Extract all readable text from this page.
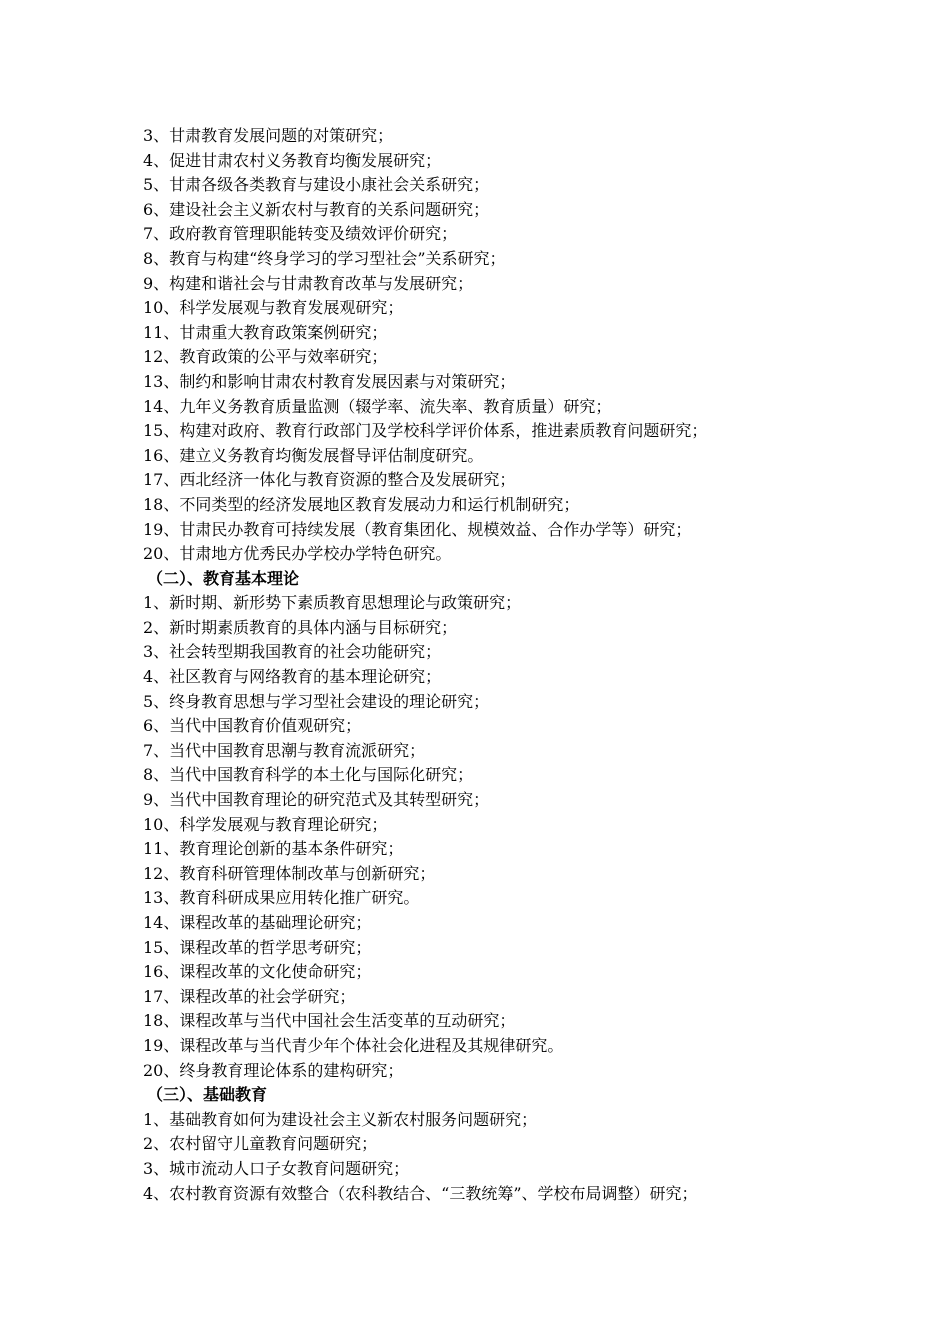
3、甘肃教育发展问题的对策研究；
4、促进甘肃农村义务教育均衡发展研究；
5、甘肃各级各类教育与建设小康社会关系研究；
6、建设社会主义新农村与教育的关系问题研究；
7、政府教育管理职能转变及绩效评价研究；
8、教育与构建“终身学习的学习型社会”关系研究；
9、构建和谐社会与甘肃教育改革与发展研究；
10、科学发展观与教育发展观研究；
11、甘肃重大教育政策案例研究；
12、教育政策的公平与效率研究；
13、制约和影响甘肃农村教育发展因素与对策研究；
14、九年义务教育质量监测（辍学率、流失率、教育质量）研究；
15、构建对政府、教育行政部门及学校科学评价体系，推进素质教育问题研究；
16、建立义务教育均衡发展督导评估制度研究。
17、西北经济一体化与教育资源的整合及发展研究；
18、不同类型的经济发展地区教育发展动力和运行机制研究；
19、甘肃民办教育可持续发展（教育集团化、规模效益、合作办学等）研究；
20、甘肃地方优秀民办学校办学特色研究。
（二）、教育基本理论
1、新时期、新形势下素质教育思想理论与政策研究；
2、新时期素质教育的具体内涵与目标研究；
3、社会转型期我国教育的社会功能研究；
4、社区教育与网络教育的基本理论研究；
5、终身教育思想与学习型社会建设的理论研究；
6、当代中国教育价值观研究；
7、当代中国教育思潮与教育流派研究；
8、当代中国教育科学的本土化与国际化研究；
9、当代中国教育理论的研究范式及其转型研究；
10、科学发展观与教育理论研究；
11、教育理论创新的基本条件研究；
12、教育科研管理体制改革与创新研究；
13、教育科研成果应用转化推广研究。
14、课程改革的基础理论研究；
15、课程改革的哲学思考研究；
16、课程改革的文化使命研究；
17、课程改革的社会学研究；
18、课程改革与当代中国社会生活变革的互动研究；
19、课程改革与当代青少年个体社会化进程及其规律研究。
20、终身教育理论体系的建构研究；
（三）、基础教育
1、基础教育如何为建设社会主义新农村服务问题研究；
2、农村留守儿童教育问题研究；
3、城市流动人口子女教育问题研究；
4、农村教育资源有效整合（农科教结合、“三教统筹”、学校布局调整）研究；
